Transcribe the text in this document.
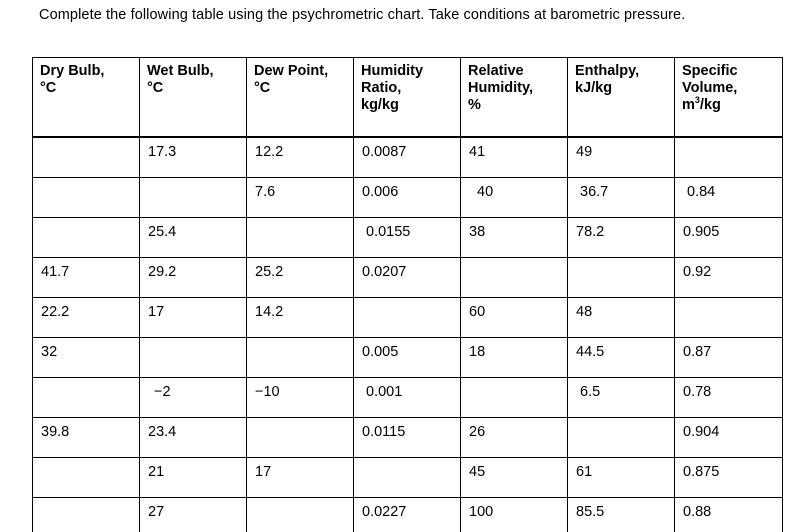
Complete the following table using the psychrometric chart. Take conditions at barometric pressure.
Dry Bulb,
°C	Wet Bulb,
°C	Dew Point,
°C	Humidity
Ratio,
kg/kg	Relative
Humidity,
%	Enthalpy,
kJ/kg	Specific
Volume,
$m^3/kg$

	17.3	12.2	0.0087	41	49	
		7.6	0.006	40	36.7	0.84
	25.4		0.0155	38	78.2	0.905
41.7	29.2	25.2	0.0207			0.92
22.2	17	14.2		60	48	
32			0.005	18	44.5	0.87
	−2	−10	0.001		6.5	0.78
39.8	23.4		0.0115	26		0.904
	21	17		45	61	0.875
	27		0.0227	100	85.5	0.88
